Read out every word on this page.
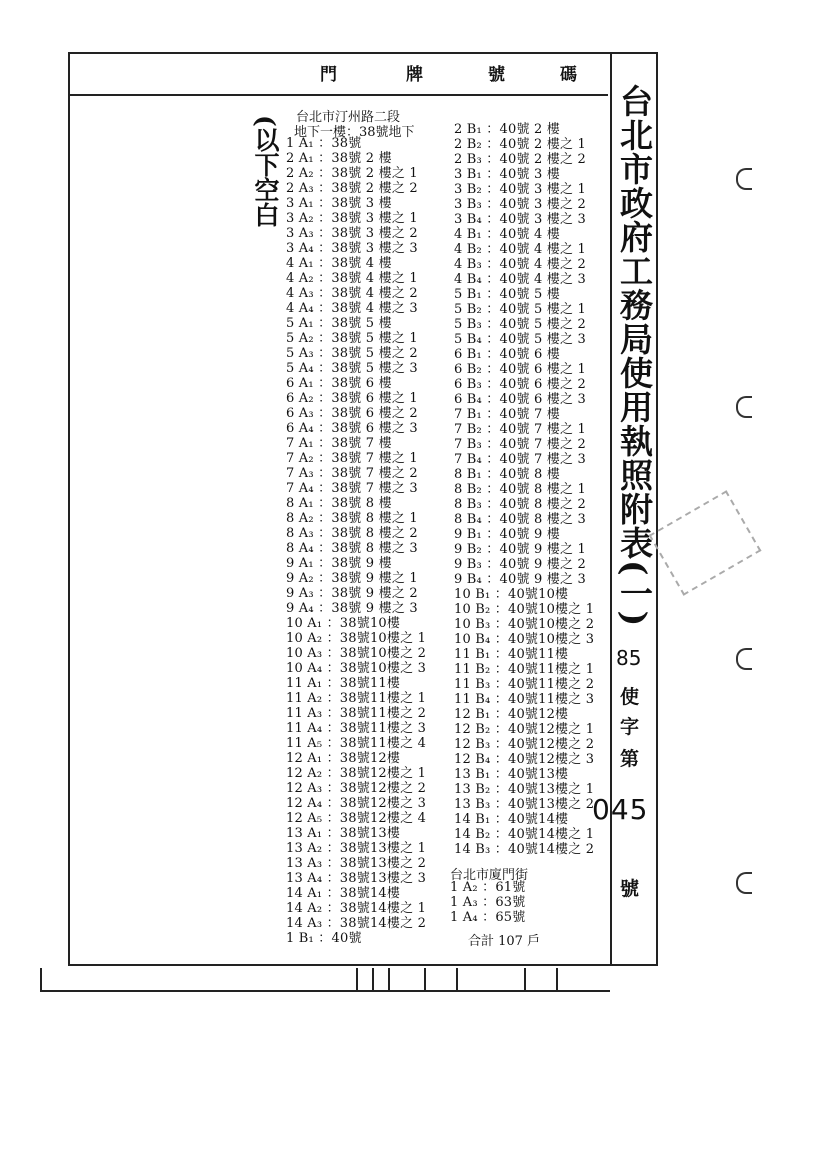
門	牌	號	碼
台北市政府工務局使用執照附表(一)
85
使
字
第
045
號
(以下空白 台北市汀州路二段
地下一樓：38號地下
1 A₁ ：38號
2 A₁ ：38號 2 樓
2 A₂ ：38號 2 樓之 1
2 A₃ ：38號 2 樓之 2
3 A₁ ：38號 3 樓
3 A₂ ：38號 3 樓之 1
3 A₃ ：38號 3 樓之 2
3 A₄ ：38號 3 樓之 3
4 A₁ ：38號 4 樓
4 A₂ ：38號 4 樓之 1
4 A₃ ：38號 4 樓之 2
4 A₄ ：38號 4 樓之 3
5 A₁ ：38號 5 樓
5 A₂ ：38號 5 樓之 1
5 A₃ ：38號 5 樓之 2
5 A₄ ：38號 5 樓之 3
6 A₁ ：38號 6 樓
6 A₂ ：38號 6 樓之 1
6 A₃ ：38號 6 樓之 2
6 A₄ ：38號 6 樓之 3
7 A₁ ：38號 7 樓
7 A₂ ：38號 7 樓之 1
7 A₃ ：38號 7 樓之 2
7 A₄ ：38號 7 樓之 3
8 A₁ ：38號 8 樓
8 A₂ ：38號 8 樓之 1
8 A₃ ：38號 8 樓之 2
8 A₄ ：38號 8 樓之 3
9 A₁ ：38號 9 樓
9 A₂ ：38號 9 樓之 1
9 A₃ ：38號 9 樓之 2
9 A₄ ：38號 9 樓之 3
10 A₁ ：38號10樓
10 A₂ ：38號10樓之 1
10 A₃ ：38號10樓之 2
10 A₄ ：38號10樓之 3
11 A₁ ：38號11樓
11 A₂ ：38號11樓之 1
11 A₃ ：38號11樓之 2
11 A₄ ：38號11樓之 3
11 A₅ ：38號11樓之 4
12 A₁ ：38號12樓
12 A₂ ：38號12樓之 1
12 A₃ ：38號12樓之 2
12 A₄ ：38號12樓之 3
12 A₅ ：38號12樓之 4
13 A₁ ：38號13樓
13 A₂ ：38號13樓之 1
13 A₃ ：38號13樓之 2
13 A₄ ：38號13樓之 3
14 A₁ ：38號14樓
14 A₂ ：38號14樓之 1
14 A₃ ：38號14樓之 2
1 B₁ ：40號
2 B₁ ：40號 2 樓
2 B₂ ：40號 2 樓之 1
2 B₃ ：40號 2 樓之 2
3 B₁ ：40號 3 樓
3 B₂ ：40號 3 樓之 1
3 B₃ ：40號 3 樓之 2
3 B₄ ：40號 3 樓之 3
4 B₁ ：40號 4 樓
4 B₂ ：40號 4 樓之 1
4 B₃ ：40號 4 樓之 2
4 B₄ ：40號 4 樓之 3
5 B₁ ：40號 5 樓
5 B₂ ：40號 5 樓之 1
5 B₃ ：40號 5 樓之 2
5 B₄ ：40號 5 樓之 3
6 B₁ ：40號 6 樓
6 B₂ ：40號 6 樓之 1
6 B₃ ：40號 6 樓之 2
6 B₄ ：40號 6 樓之 3
7 B₁ ：40號 7 樓
7 B₂ ：40號 7 樓之 1
7 B₃ ：40號 7 樓之 2
7 B₄ ：40號 7 樓之 3
8 B₁ ：40號 8 樓
8 B₂ ：40號 8 樓之 1
8 B₃ ：40號 8 樓之 2
8 B₄ ：40號 8 樓之 3
9 B₁ ：40號 9 樓
9 B₂ ：40號 9 樓之 1
9 B₃ ：40號 9 樓之 2
9 B₄ ：40號 9 樓之 3
10 B₁ ：40號10樓
10 B₂ ：40號10樓之 1
10 B₃ ：40號10樓之 2
10 B₄ ：40號10樓之 3
11 B₁ ：40號11樓
11 B₂ ：40號11樓之 1
11 B₃ ：40號11樓之 2
11 B₄ ：40號11樓之 3
12 B₁ ：40號12樓
12 B₂ ：40號12樓之 1
12 B₃ ：40號12樓之 2
12 B₄ ：40號12樓之 3
13 B₁ ：40號13樓
13 B₂ ：40號13樓之 1
13 B₃ ：40號13樓之 2
14 B₁ ：40號14樓
14 B₂ ：40號14樓之 1
14 B₃ ：40號14樓之 2
台北市廈門街
1 A₂ ：61號
1 A₃ ：63號
1 A₄ ：65號
合計 107 戶
